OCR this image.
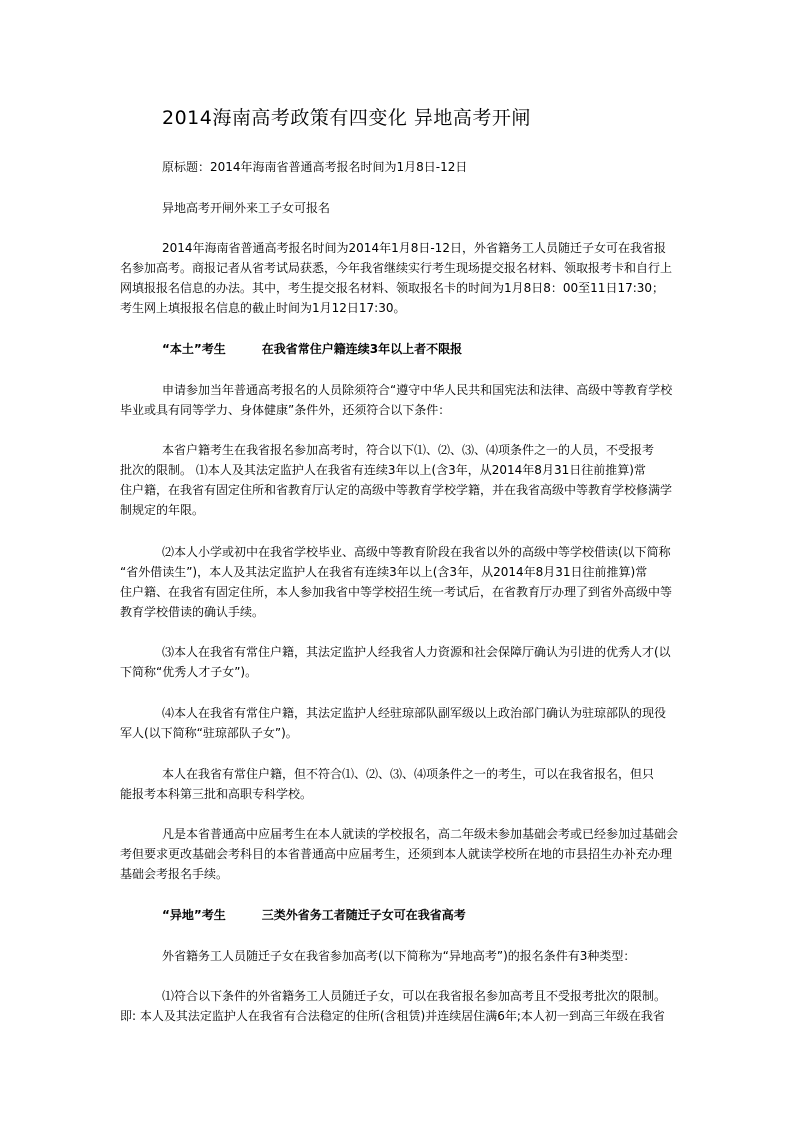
2014海南高考政策有四变化 异地高考开闸
原标题：2014年海南省普通高考报名时间为1月8日-12日
异地高考开闸外来工子女可报名
2014年海南省普通高考报名时间为2014年1月8日-12日，外省籍务工人员随迁子女可在我省报
名参加高考。商报记者从省考试局获悉，今年我省继续实行考生现场提交报名材料、领取报考卡和自行上
网填报报名信息的办法。其中，考生提交报名材料、领取报名卡的时间为1月8日8：00至11日17:30；
考生网上填报报名信息的截止时间为1月12日17:30。
“本土”考生	在我省常住户籍连续3年以上者不限报
申请参加当年普通高考报名的人员除须符合“遵守中华人民共和国宪法和法律、高级中等教育学校
毕业或具有同等学力、身体健康”条件外，还须符合以下条件：
本省户籍考生在我省报名参加高考时，符合以下⑴、⑵、⑶、⑷项条件之一的人员，不受报考
批次的限制。 ⑴本人及其法定监护人在我省有连续3年以上(含3年，从2014年8月31日往前推算)常
住户籍，在我省有固定住所和省教育厅认定的高级中等教育学校学籍，并在我省高级中等教育学校修满学
制规定的年限。
⑵本人小学或初中在我省学校毕业、高级中等教育阶段在我省以外的高级中等学校借读(以下简称
“省外借读生”)，本人及其法定监护人在我省有连续3年以上(含3年，从2014年8月31日往前推算)常
住户籍、在我省有固定住所，本人参加我省中等学校招生统一考试后，在省教育厅办理了到省外高级中等
教育学校借读的确认手续。
⑶本人在我省有常住户籍，其法定监护人经我省人力资源和社会保障厅确认为引进的优秀人才(以
下简称“优秀人才子女”)。
⑷本人在我省有常住户籍，其法定监护人经驻琼部队副军级以上政治部门确认为驻琼部队的现役
军人(以下简称“驻琼部队子女”)。
本人在我省有常住户籍，但不符合⑴、⑵、⑶、⑷项条件之一的考生，可以在我省报名，但只
能报考本科第三批和高职专科学校。
凡是本省普通高中应届考生在本人就读的学校报名，高二年级未参加基础会考或已经参加过基础会
考但要求更改基础会考科目的本省普通高中应届考生，还须到本人就读学校所在地的市县招生办补充办理
基础会考报名手续。
“异地”考生	三类外省务工者随迁子女可在我省高考
外省籍务工人员随迁子女在我省参加高考(以下简称为“异地高考”)的报名条件有3种类型：
⑴符合以下条件的外省籍务工人员随迁子女，可以在我省报名参加高考且不受报考批次的限制。
即: 本人及其法定监护人在我省有合法稳定的住所(含租赁)并连续居住满6年;本人初一到高三年级在我省
